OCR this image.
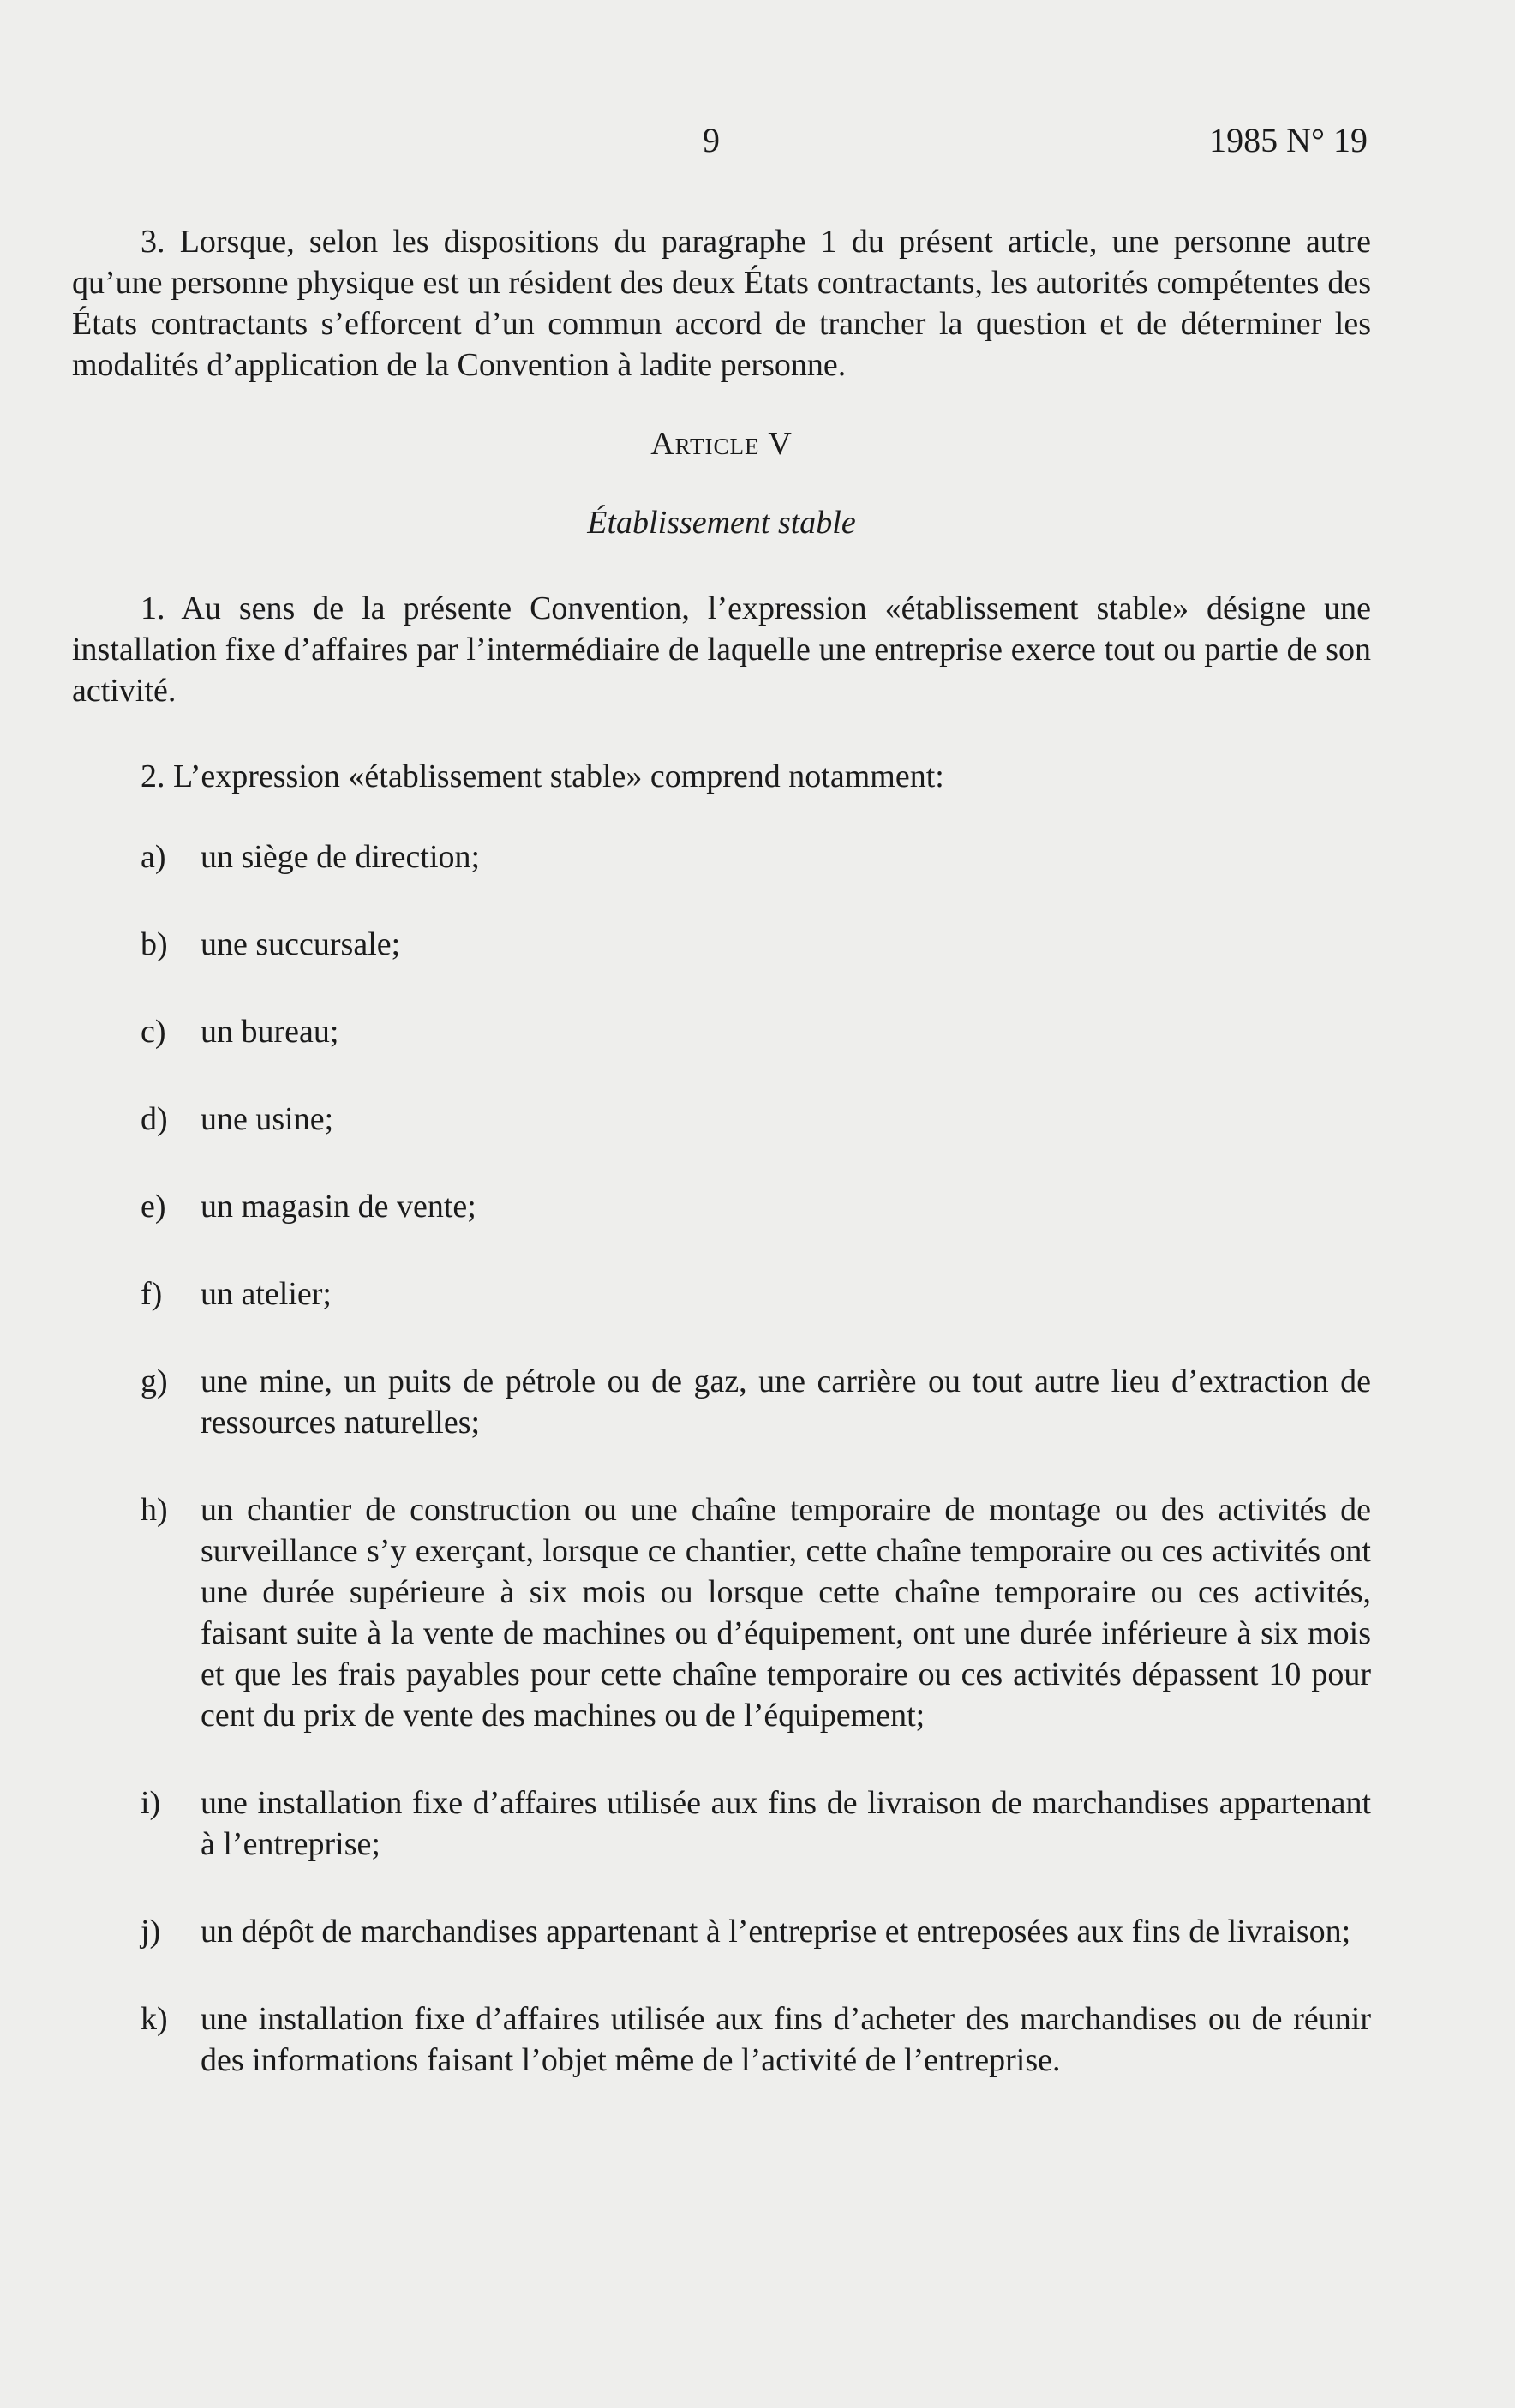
9	1985 N° 19

3. Lorsque, selon les dispositions du paragraphe 1 du présent article, une personne autre qu’une personne physique est un résident des deux États contractants, les autorités compétentes des États contractants s’efforcent d’un commun accord de trancher la question et de déterminer les modalités d’application de la Convention à ladite personne.

Article V

Établissement stable

1. Au sens de la présente Convention, l’expression «établissement stable» désigne une installation fixe d’affaires par l’intermédiaire de laquelle une entreprise exerce tout ou partie de son activité.

2. L’expression «établissement stable» comprend notamment:

a) un siège de direction;
b) une succursale;
c) un bureau;
d) une usine;
e) un magasin de vente;
f) un atelier;
g) une mine, un puits de pétrole ou de gaz, une carrière ou tout autre lieu d’extraction de ressources naturelles;
h) un chantier de construction ou une chaîne temporaire de montage ou des activités de surveillance s’y exerçant, lorsque ce chantier, cette chaîne temporaire ou ces activités ont une durée supérieure à six mois ou lorsque cette chaîne temporaire ou ces activités, faisant suite à la vente de machines ou d’équipement, ont une durée inférieure à six mois et que les frais payables pour cette chaîne temporaire ou ces activités dépassent 10 pour cent du prix de vente des machines ou de l’équipement;
i) une installation fixe d’affaires utilisée aux fins de livraison de marchandises appartenant à l’entreprise;
j) un dépôt de marchandises appartenant à l’entreprise et entreposées aux fins de livraison;
k) une installation fixe d’affaires utilisée aux fins d’acheter des marchandises ou de réunir des informations faisant l’objet même de l’activité de l’entreprise.
